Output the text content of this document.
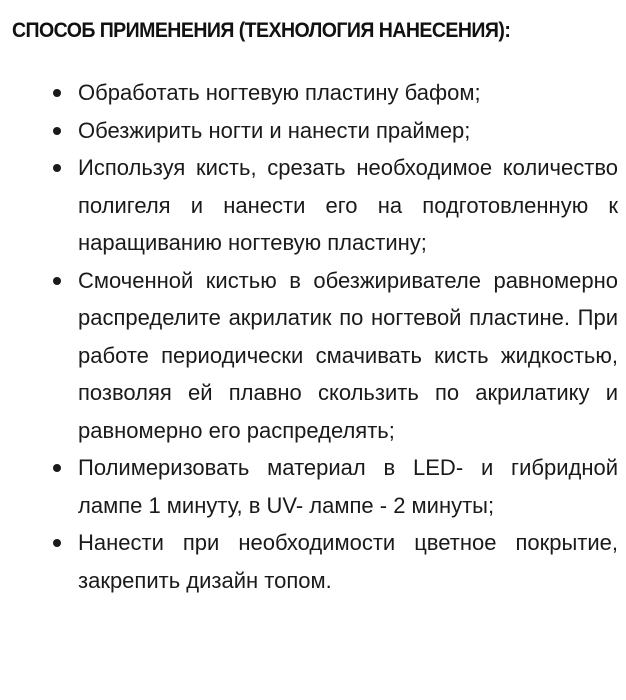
СПОСОБ ПРИМЕНЕНИЯ (ТЕХНОЛОГИЯ НАНЕСЕНИЯ):
Обработать ногтевую пластину бафом;
Обезжирить ногти и нанести праймер;
Используя кисть, срезать необходимое количество полигеля и нанести его на подготовленную к наращиванию ногтевую пластину;
Смоченной кистью в обезжиривателе равномерно распределите акрилатик по ногтевой пластине. При работе периодически смачивать кисть жидкостью, позволяя ей плавно скользить по акрилатику и равномерно его распределять;
Полимеризовать материал в LED- и гибридной лампе 1 минуту, в UV- лампе - 2 минуты;
Нанести при необходимости цветное покрытие, закрепить дизайн топом.
